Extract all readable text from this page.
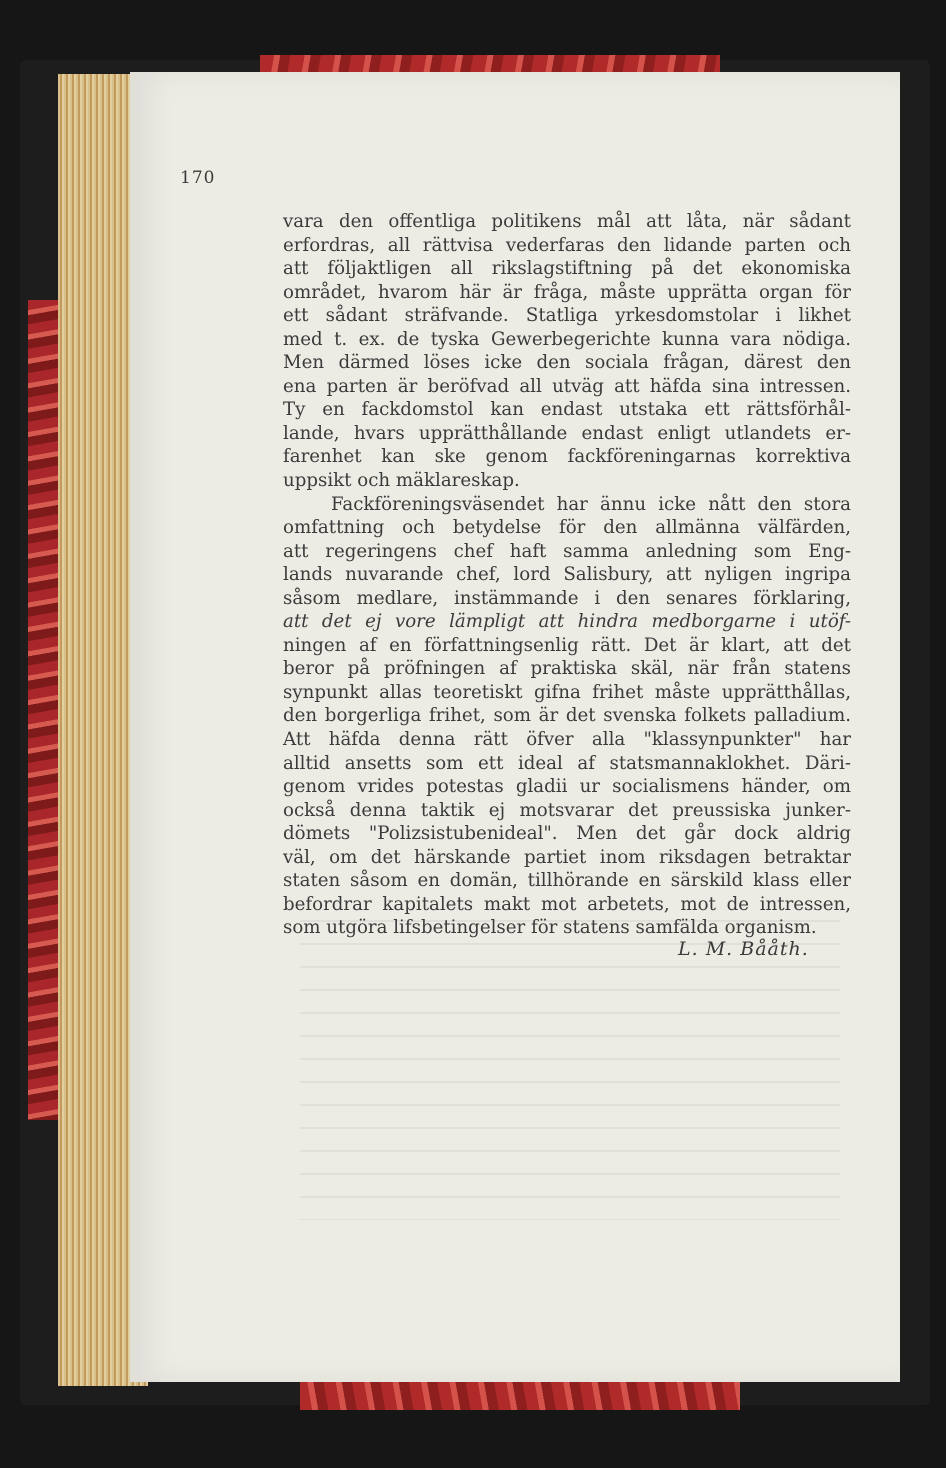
170
vara den offentliga politikens mål att låta, när sådant
erfordras, all rättvisa vederfaras den lidande parten och
att följaktligen all rikslagstiftning på det ekonomiska
området, hvarom här är fråga, måste upprätta organ för
ett sådant sträfvande. Statliga yrkesdomstolar i likhet
med t. ex. de tyska Gewerbegerichte kunna vara nödiga.
Men därmed löses icke den sociala frågan, därest den
ena parten är beröfvad all utväg att häfda sina intressen.
Ty en fackdomstol kan endast utstaka ett rättsförhål-
lande, hvars upprätthållande endast enligt utlandets er-
farenhet kan ske genom fackföreningarnas korrektiva
uppsikt och mäklareskap.
Fackföreningsväsendet har ännu icke nått den stora
omfattning och betydelse för den allmänna välfärden,
att regeringens chef haft samma anledning som Eng-
lands nuvarande chef, lord Salisbury, att nyligen ingripa
såsom medlare, instämmande i den senares förklaring,
att det ej vore lämpligt att hindra medborgarne i utöf-
ningen af en författningsenlig rätt. Det är klart, att det
beror på pröfningen af praktiska skäl, när från statens
synpunkt allas teoretiskt gifna frihet måste upprätthållas,
den borgerliga frihet, som är det svenska folkets palladium.
Att häfda denna rätt öfver alla "klassynpunkter" har
alltid ansetts som ett ideal af statsmannaklokhet. Däri-
genom vrides potestas gladii ur socialismens händer, om
också denna taktik ej motsvarar det preussiska junker-
dömets "Polizsistubenideal". Men det går dock aldrig
väl, om det härskande partiet inom riksdagen betraktar
staten såsom en domän, tillhörande en särskild klass eller
befordrar kapitalets makt mot arbetets, mot de intressen,
som utgöra lifsbetingelser för statens samfälda organism.
L. M. Bååth.
